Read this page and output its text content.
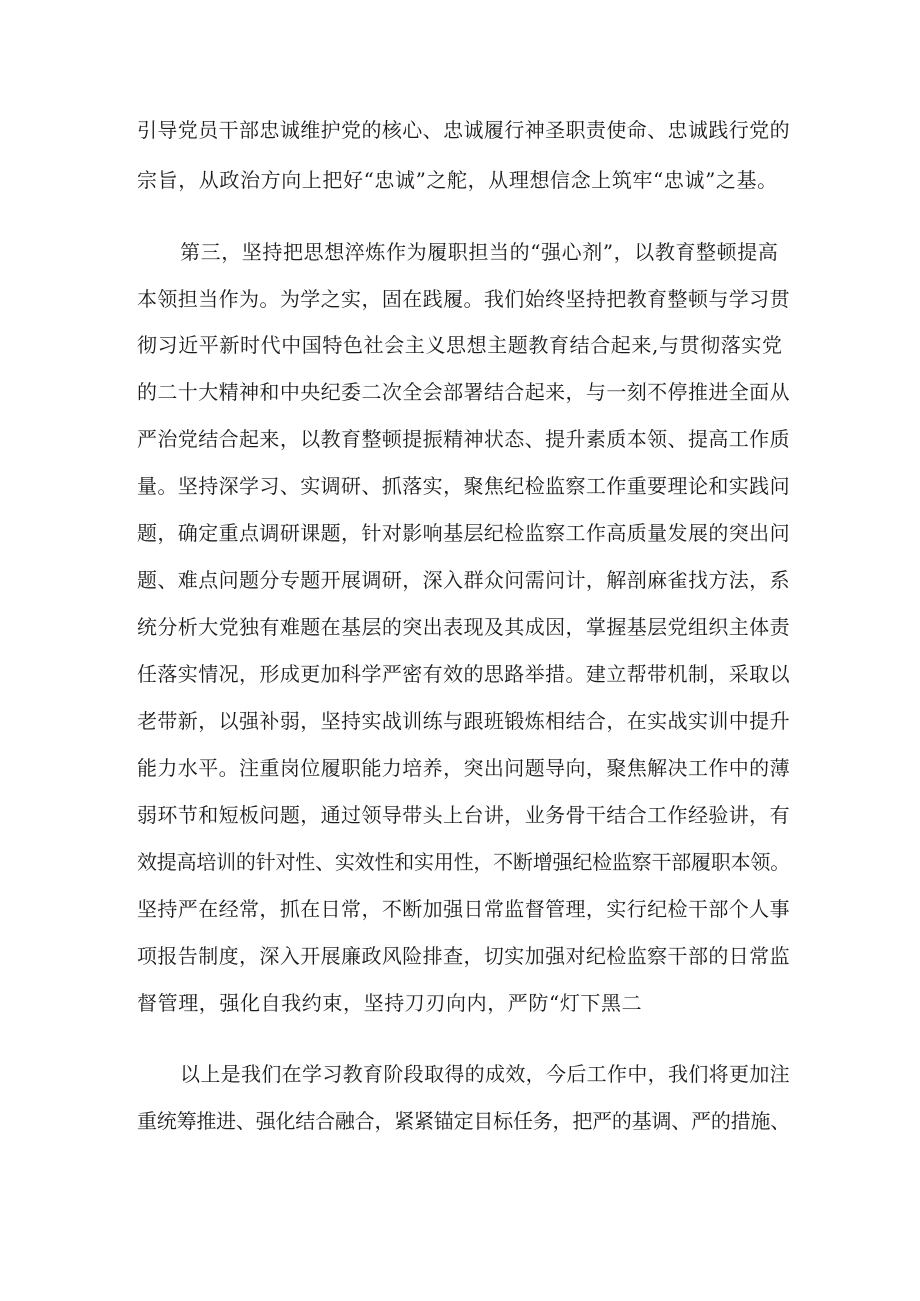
引导党员干部忠诚维护党的核心、忠诚履行神圣职责使命、忠诚践行党的
宗旨，从政治方向上把好“忠诚”之舵，从理想信念上筑牢“忠诚”之基。
第三，坚持把思想淬炼作为履职担当的“强心剂”，以教育整顿提高
本领担当作为。为学之实，固在践履。我们始终坚持把教育整顿与学习贯
彻习近平新时代中国特色社会主义思想主题教育结合起来,与贯彻落实党
的二十大精神和中央纪委二次全会部署结合起来，与一刻不停推进全面从
严治党结合起来，以教育整顿提振精神状态、提升素质本领、提高工作质
量。坚持深学习、实调研、抓落实，聚焦纪检监察工作重要理论和实践问
题，确定重点调研课题，针对影响基层纪检监察工作高质量发展的突出问
题、难点问题分专题开展调研，深入群众问需问计，解剖麻雀找方法，系
统分析大党独有难题在基层的突出表现及其成因，掌握基层党组织主体责
任落实情况，形成更加科学严密有效的思路举措。建立帮带机制，采取以
老带新，以强补弱，坚持实战训练与跟班锻炼相结合，在实战实训中提升
能力水平。注重岗位履职能力培养，突出问题导向，聚焦解决工作中的薄
弱环节和短板问题，通过领导带头上台讲，业务骨干结合工作经验讲，有
效提高培训的针对性、实效性和实用性，不断增强纪检监察干部履职本领。
坚持严在经常，抓在日常，不断加强日常监督管理，实行纪检干部个人事
项报告制度，深入开展廉政风险排查，切实加强对纪检监察干部的日常监
督管理，强化自我约束，坚持刀刃向内，严防“灯下黑二
以上是我们在学习教育阶段取得的成效，今后工作中，我们将更加注
重统筹推进、强化结合融合，紧紧锚定目标任务，把严的基调、严的措施、
